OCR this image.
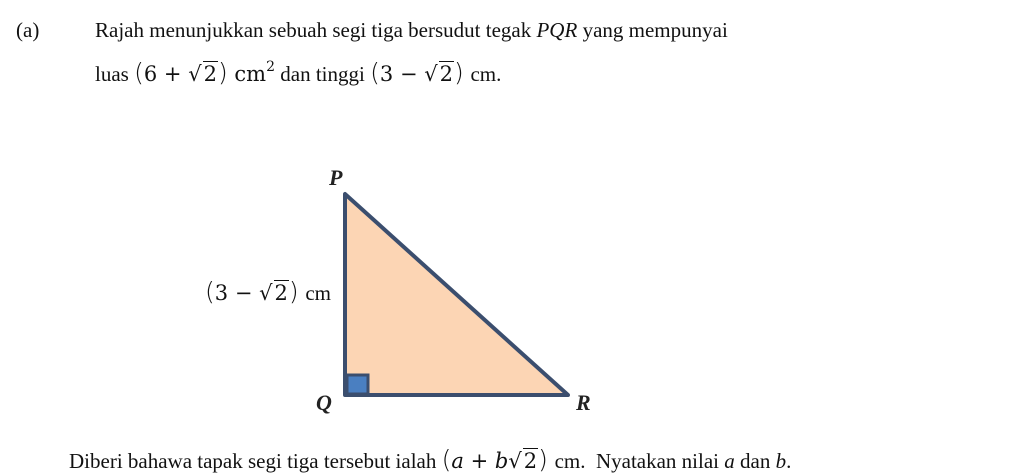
(a)	Rajah menunjukkan sebuah segi tiga bersudut tegak PQR yang mempunyai
luas (6 + √2) $cm^2$ dan tinggi (3 − √2) cm.
P
Q	R
(3 − √2) cm
Diberi bahawa tapak segi tiga tersebut ialah (a + b√2) cm.  Nyatakan nilai a dan b.
